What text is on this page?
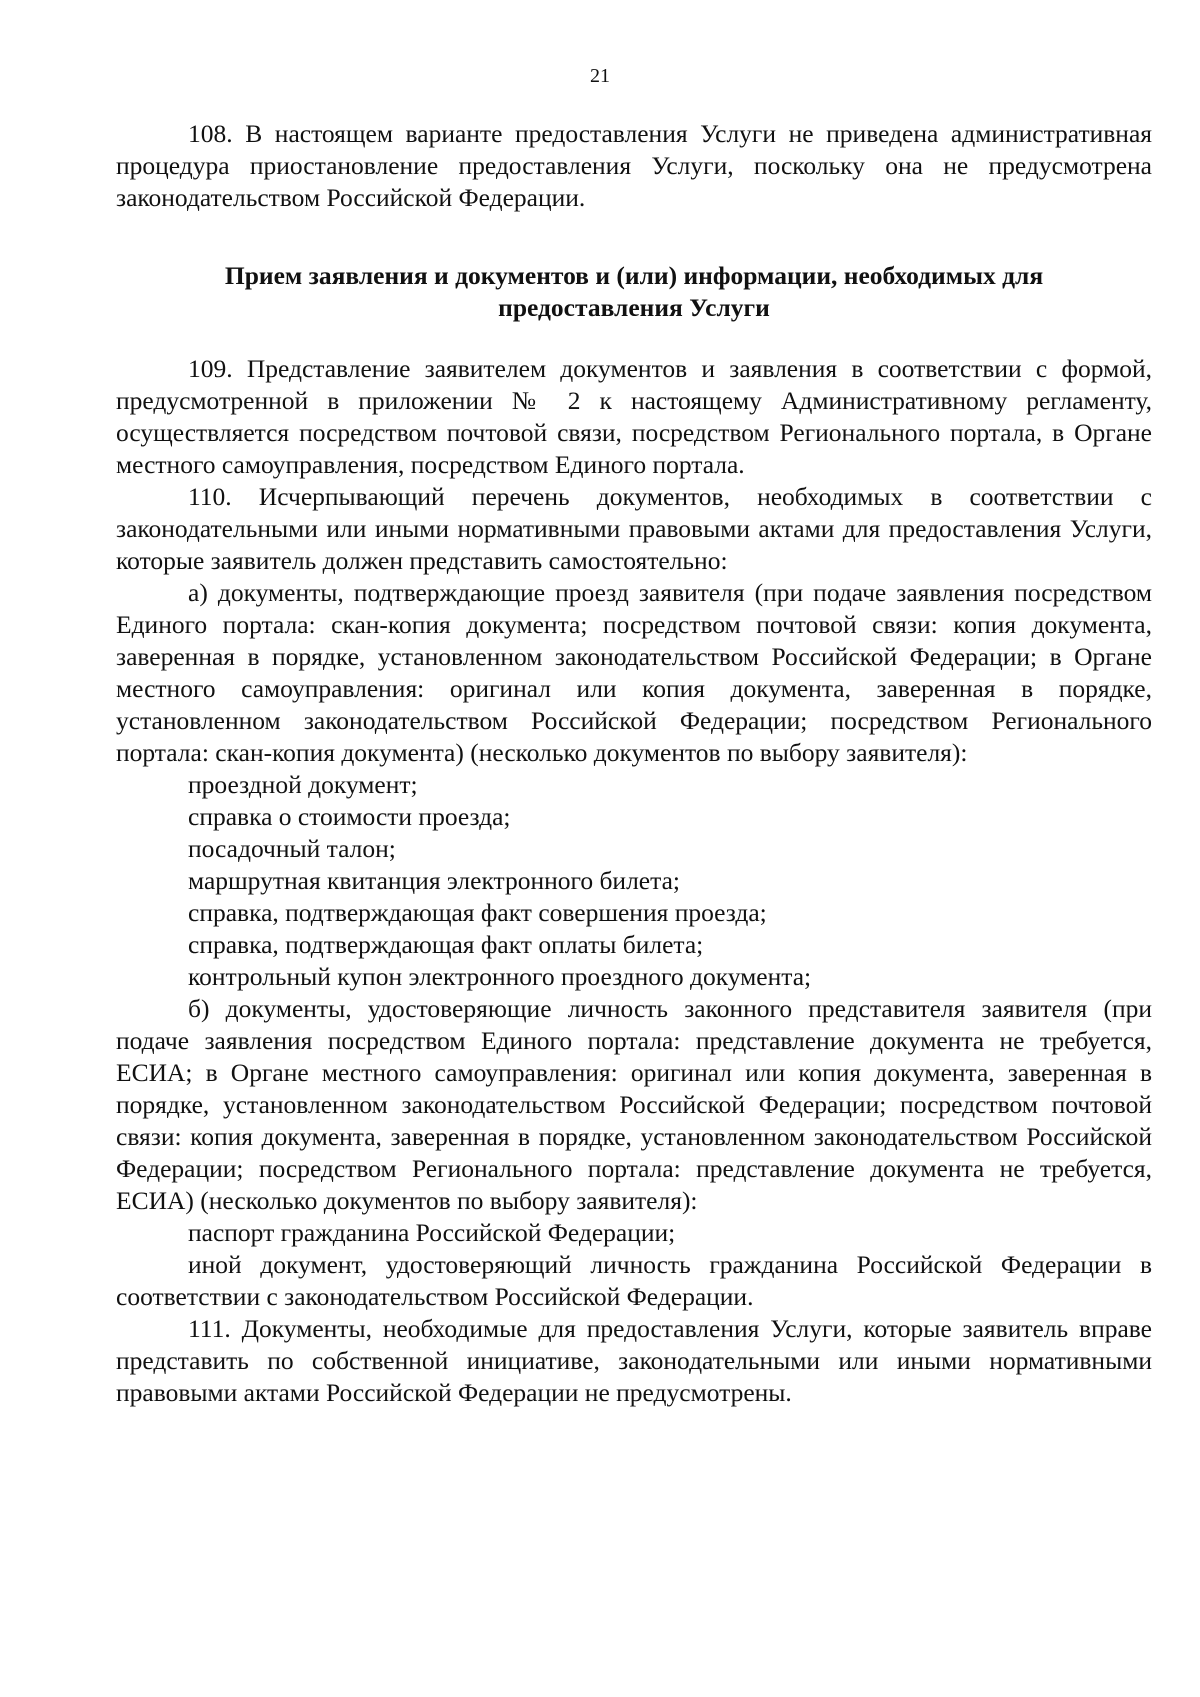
21

108. В настоящем варианте предоставления Услуги не приведена административная процедура приостановление предоставления Услуги, поскольку она не предусмотрена законодательством Российской Федерации.

Прием заявления и документов и (или) информации, необходимых для
предоставления Услуги

109. Представление заявителем документов и заявления в соответствии с формой, предусмотренной в приложении № 2 к настоящему Административному регламенту, осуществляется посредством почтовой связи, посредством Регионального портала, в Органе местного самоуправления, посредством Единого портала.

110. Исчерпывающий перечень документов, необходимых в соответствии с законодательными или иными нормативными правовыми актами для предоставления Услуги, которые заявитель должен представить самостоятельно:

а) документы, подтверждающие проезд заявителя (при подаче заявления посредством Единого портала: скан-копия документа; посредством почтовой связи: копия документа, заверенная в порядке, установленном законодательством Российской Федерации; в Органе местного самоуправления: оригинал или копия документа, заверенная в порядке, установленном законодательством Российской Федерации; посредством Регионального портала: скан-копия документа) (несколько документов по выбору заявителя):

проездной документ;

справка о стоимости проезда;

посадочный талон;

маршрутная квитанция электронного билета;

справка, подтверждающая факт совершения проезда;

справка, подтверждающая факт оплаты билета;

контрольный купон электронного проездного документа;

б) документы, удостоверяющие личность законного представителя заявителя (при подаче заявления посредством Единого портала: представление документа не требуется, ЕСИА; в Органе местного самоуправления: оригинал или копия документа, заверенная в порядке, установленном законодательством Российской Федерации; посредством почтовой связи: копия документа, заверенная в порядке, установленном законодательством Российской Федерации; посредством Регионального портала: представление документа не требуется, ЕСИА) (несколько документов по выбору заявителя):

паспорт гражданина Российской Федерации;

иной документ, удостоверяющий личность гражданина Российской Федерации в соответствии с законодательством Российской Федерации.

111. Документы, необходимые для предоставления Услуги, которые заявитель вправе представить по собственной инициативе, законодательными или иными нормативными правовыми актами Российской Федерации не предусмотрены.
